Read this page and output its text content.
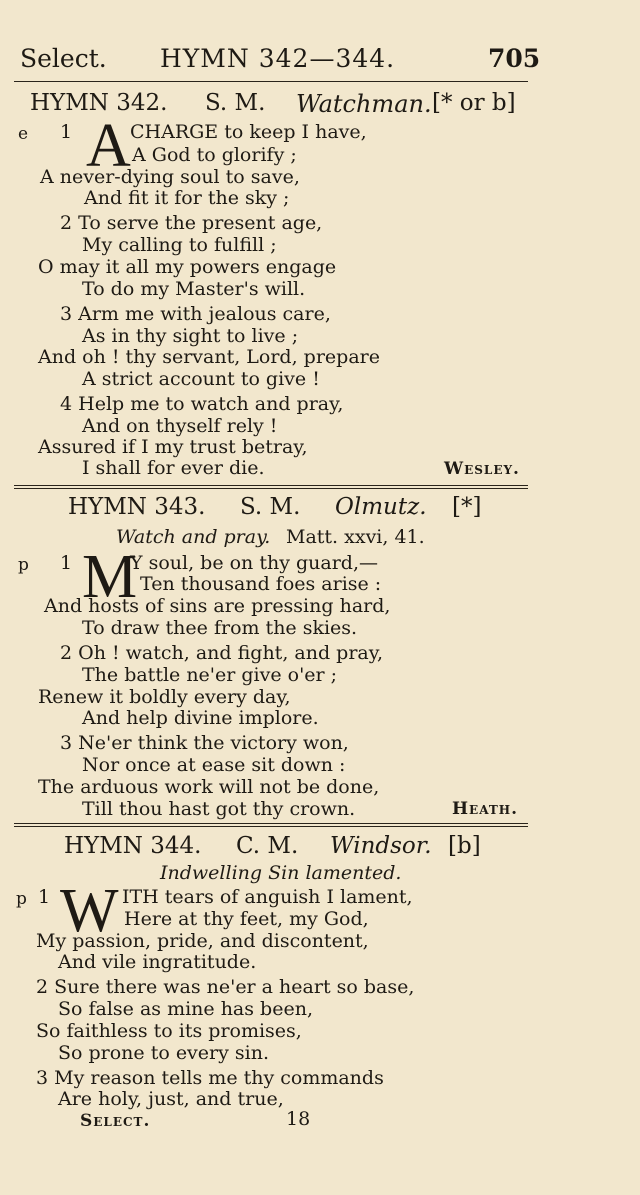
Select. HYMN 342—344.	705
HYMN 342. S. M. Watchman. [* or b]
e 1 A CHARGE to keep I have,
A God to glorify ;
A never-dying soul to save,
And fit it for the sky ;
2 To serve the present age,
My calling to fulfill ;
O may it all my powers engage
To do my Master's will.
3 Arm me with jealous care,
As in thy sight to live ;
And oh ! thy servant, Lord, prepare
A strict account to give !
4 Help me to watch and pray,
And on thyself rely !
Assured if I my trust betray,
I shall for ever die.	Wesley.
HYMN 343. S. M. Olmutz. [*]
Watch and pray. Matt. xxvi, 41.
p 1 M
Y soul, be on thy guard,—
Ten thousand foes arise :
And hosts of sins are pressing hard,
To draw thee from the skies.
2 Oh ! watch, and fight, and pray,
The battle ne'er give o'er ;
Renew it boldly every day,
And help divine implore.
3 Ne'er think the victory won,
Nor once at ease sit down :
The arduous work will not be done,
Till thou hast got thy crown.	Heath.
HYMN 344. C. M. Windsor. [b]
Indwelling Sin lamented.
p 1 W ITH tears of anguish I lament,
Here at thy feet, my God,
My passion, pride, and discontent,
And vile ingratitude.
2 Sure there was ne'er a heart so base,
So false as mine has been,
So faithless to its promises,
So prone to every sin.
3 My reason tells me thy commands
Are holy, just, and true,
Select.	18
